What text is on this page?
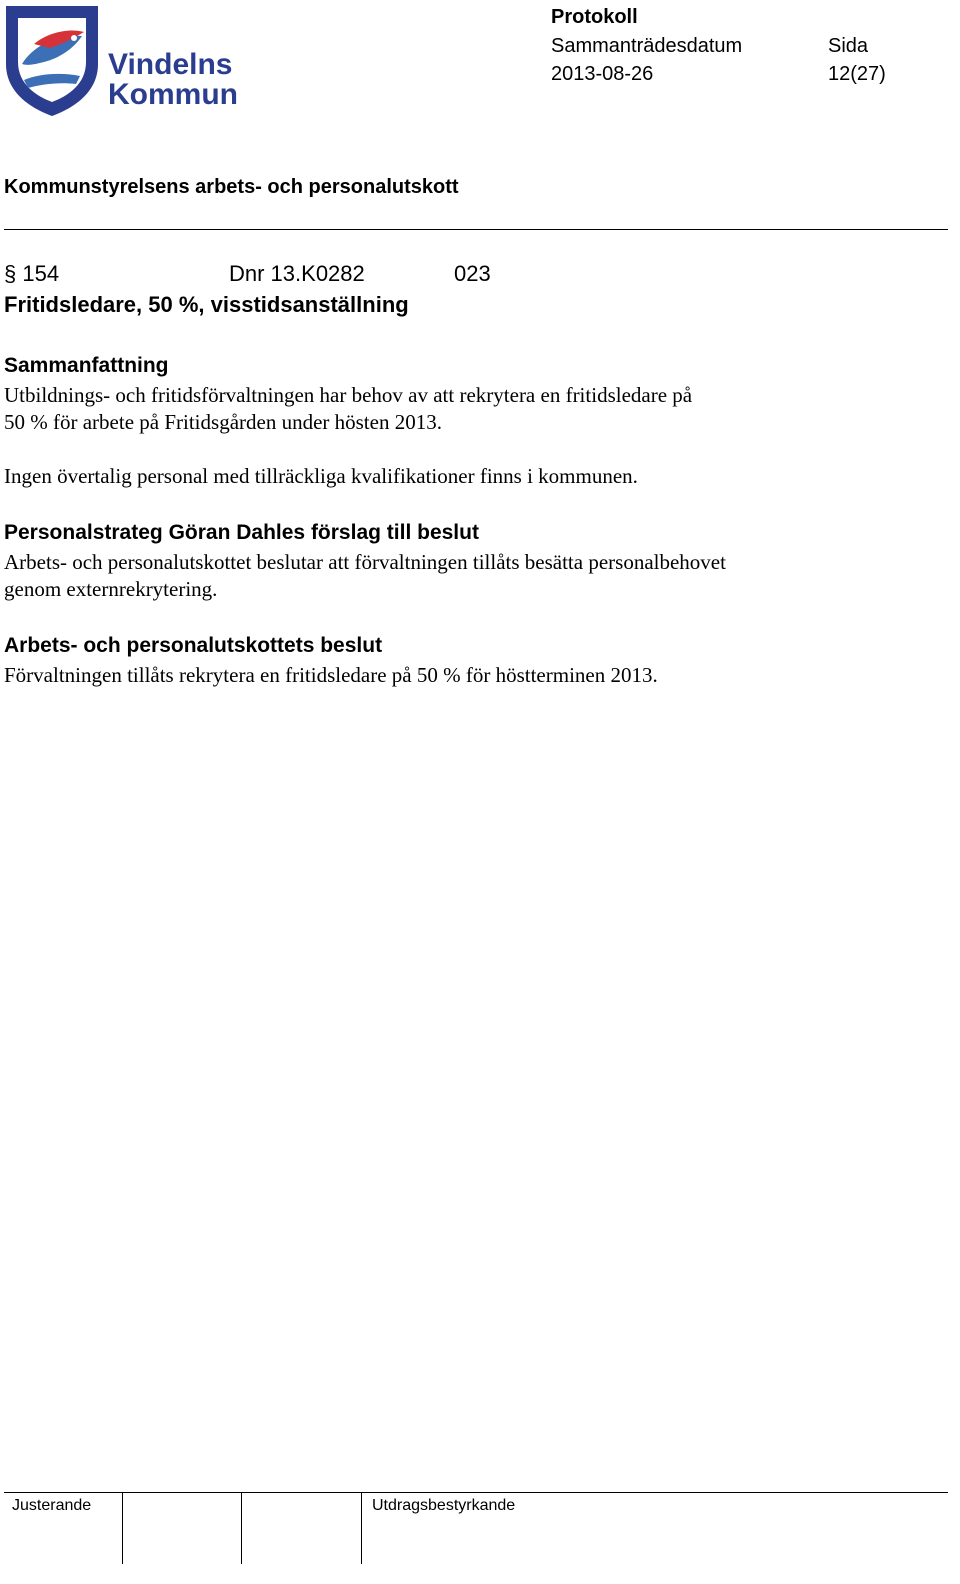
Vindelns
Kommun
Protokoll
Sammanträdesdatum
2013-08-26
Sida
12(27)
Kommunstyrelsens arbets- och personalutskott
§ 154	Dnr 13.K0282	023
Fritidsledare, 50 %, visstidsanställning
Sammanfattning
Utbildnings- och fritidsförvaltningen har behov av att rekrytera en fritidsledare på
50 % för arbete på Fritidsgården under hösten 2013.
Ingen övertalig personal med tillräckliga kvalifikationer finns i kommunen.
Personalstrateg Göran Dahles förslag till beslut
Arbets- och personalutskottet beslutar att förvaltningen tillåts besätta personalbehovet
genom externrekrytering.
Arbets- och personalutskottets beslut
Förvaltningen tillåts rekrytera en fritidsledare på 50 % för höstterminen 2013.
Justerande	Utdragsbestyrkande
